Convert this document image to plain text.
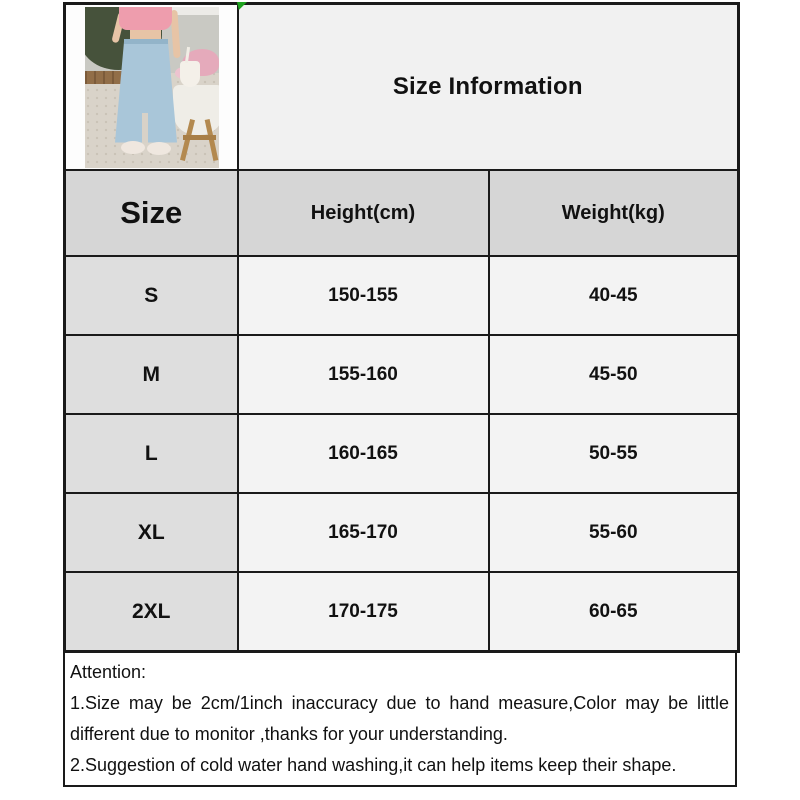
	Size Information	
Size	Height(cm)	Weight(kg)
S	150-155	40-45
M	155-160	45-50
L	160-165	50-55
XL	165-170	55-60
2XL	170-175	60-65

Attention:

1.Size may be 2cm/1inch inaccuracy due to hand measure,Color may be little different due to monitor ,thanks for your understanding.

2.Suggestion of cold water hand washing,it can help items keep their shape.
